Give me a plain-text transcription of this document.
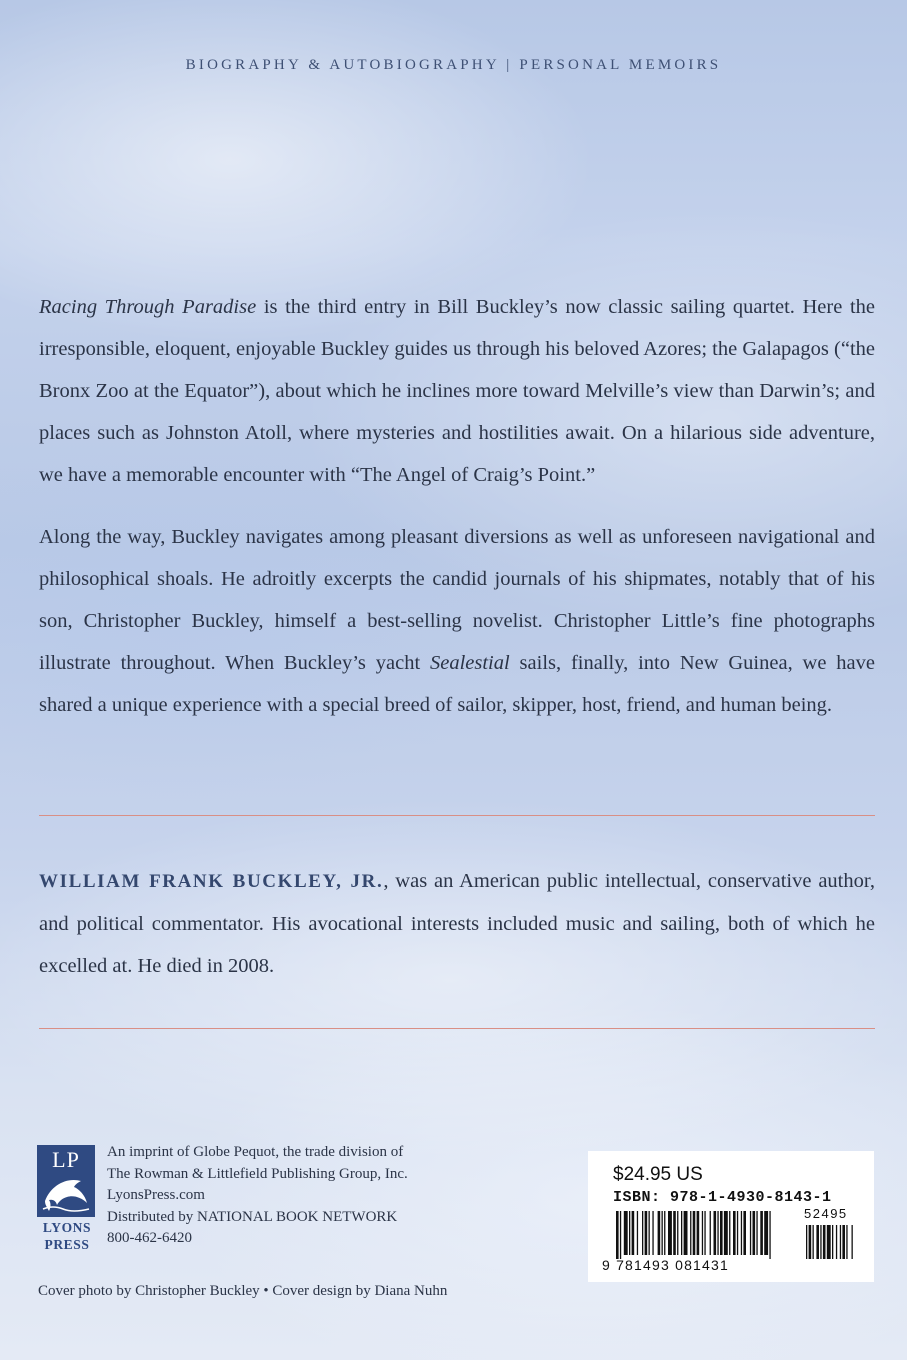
BIOGRAPHY & AUTOBIOGRAPHY | PERSONAL MEMOIRS

Racing Through Paradise is the third entry in Bill Buckley’s now classic sailing quartet. Here the irresponsible, eloquent, enjoyable Buckley guides us through his beloved Azores; the Galapagos (“the Bronx Zoo at the Equator”), about which he inclines more toward Melville’s view than Darwin’s; and places such as Johnston Atoll, where mysteries and hostilities await. On a hilarious side adventure, we have a memorable encounter with “The Angel of Craig’s Point.”

Along the way, Buckley navigates among pleasant diversions as well as unforeseen navigational and philosophical shoals. He adroitly excerpts the candid journals of his shipmates, notably that of his son, Christopher Buckley, himself a best-selling novelist. Christopher Little’s fine photographs illustrate throughout. When Buckley’s yacht Sealestial sails, finally, into New Guinea, we have shared a unique experience with a special breed of sailor, skipper, host, friend, and human being.

WILLIAM FRANK BUCKLEY, JR., was an American public intellectual, conservative author, and political commentator. His avocational interests included music and sailing, both of which he excelled at. He died in 2008.

LP
LYONS
PRESS
An imprint of Globe Pequot, the trade division of
The Rowman & Littlefield Publishing Group, Inc.
LyonsPress.com
Distributed by NATIONAL BOOK NETWORK
800-462-6420
$24.95 US
ISBN: 978-1-4930-8143-1
52495
9 781493 081431
Cover photo by Christopher Buckley • Cover design by Diana Nuhn
